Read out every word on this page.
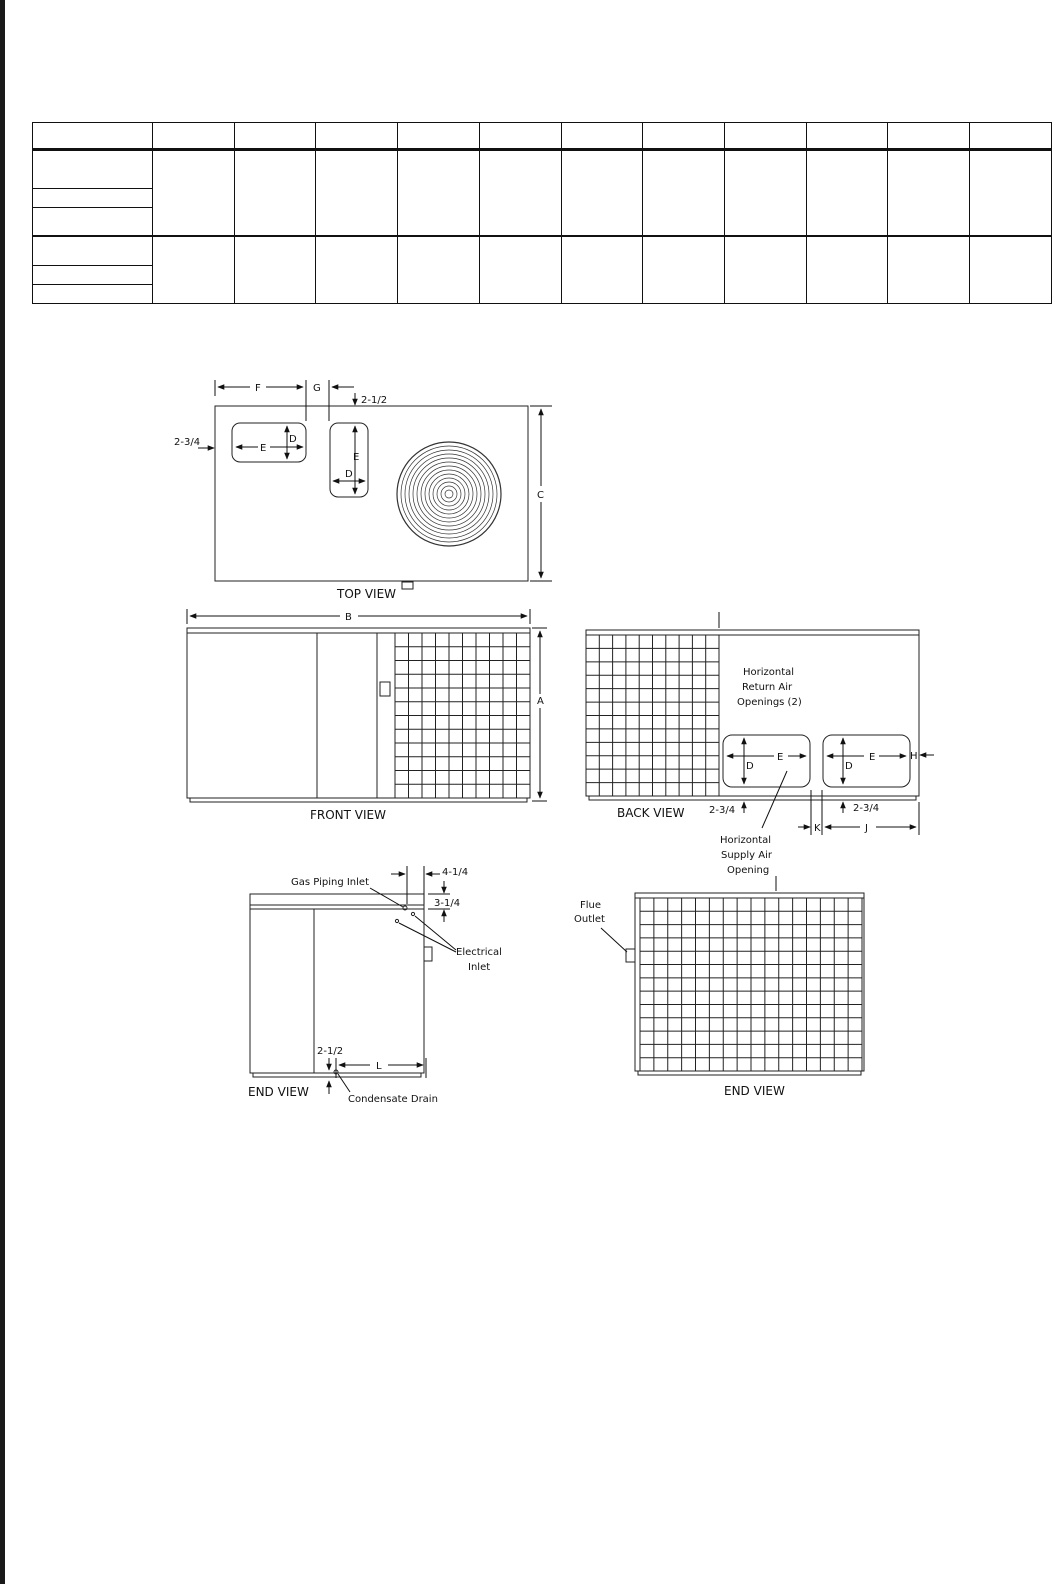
E
D
E
D
F	G
2-1/2
2-3/4
C
TOP VIEW
B
A
FRONT VIEW
Horizontal
Return Air
Openings (2)
E
D
E
D
H
2-3/4	2-3/4
K	J
Horizontal
Supply Air
Opening
BACK VIEW
Gas Piping Inlet
4-1/4
3-1/4
Electrical
Inlet
2-1/2
L
Condensate Drain
END VIEW
Flue
Outlet
END VIEW
